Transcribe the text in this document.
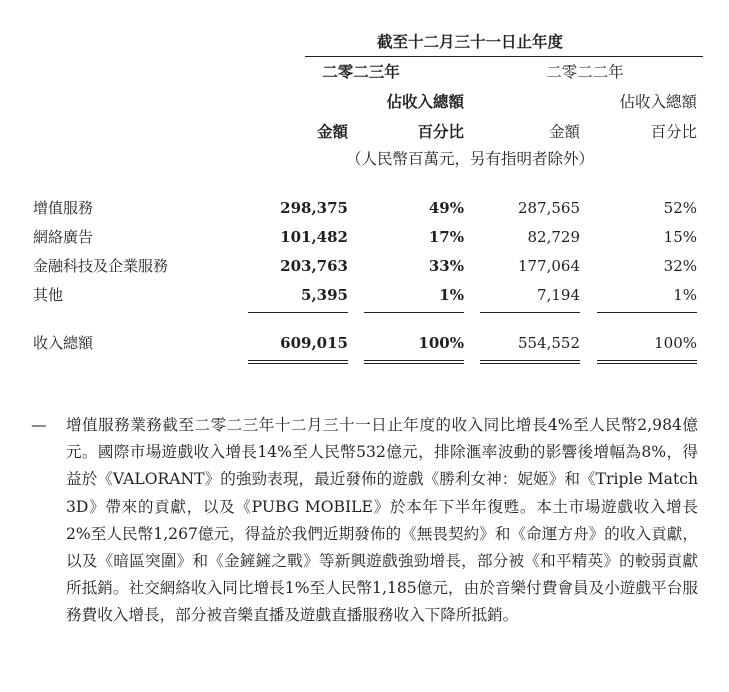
截至十二月三十一日止年度
二零二三年	二零二二年
佔收入總額	佔收入總額
金額	百分比	金額	百分比
（人民幣百萬元，另有指明者除外）
增值服務	298,375	49%	287,565	52%
網絡廣告	101,482	17%	82,729	15%
金融科技及企業服務	203,763	33%	177,064	32%
其他	5,395	1%	7,194	1%
收入總額	609,015	100%	554,552	100%
— 增值服務業務截至二零二三年十二月三十一日止年度的收入同比增長4%至人民幣2,984億元。國際市場遊戲收入增長14%至人民幣532億元，排除滙率波動的影響後增幅為8%，得益於《VALORANT》的強勁表現，最近發佈的遊戲《勝利女神：妮姬》和《Triple Match 3D》帶來的貢獻，以及《PUBG MOBILE》於本年下半年復甦。本土市場遊戲收入增長2%至人民幣1,267億元，得益於我們近期發佈的《無畏契約》和《命運方舟》的收入貢獻，以及《暗區突圍》和《金鏟鏟之戰》等新興遊戲強勁增長，部分被《和平精英》的較弱貢獻所抵銷。社交網絡收入同比增長1%至人民幣1,185億元，由於音樂付費會員及小遊戲平台服務費收入增長，部分被音樂直播及遊戲直播服務收入下降所抵銷。
